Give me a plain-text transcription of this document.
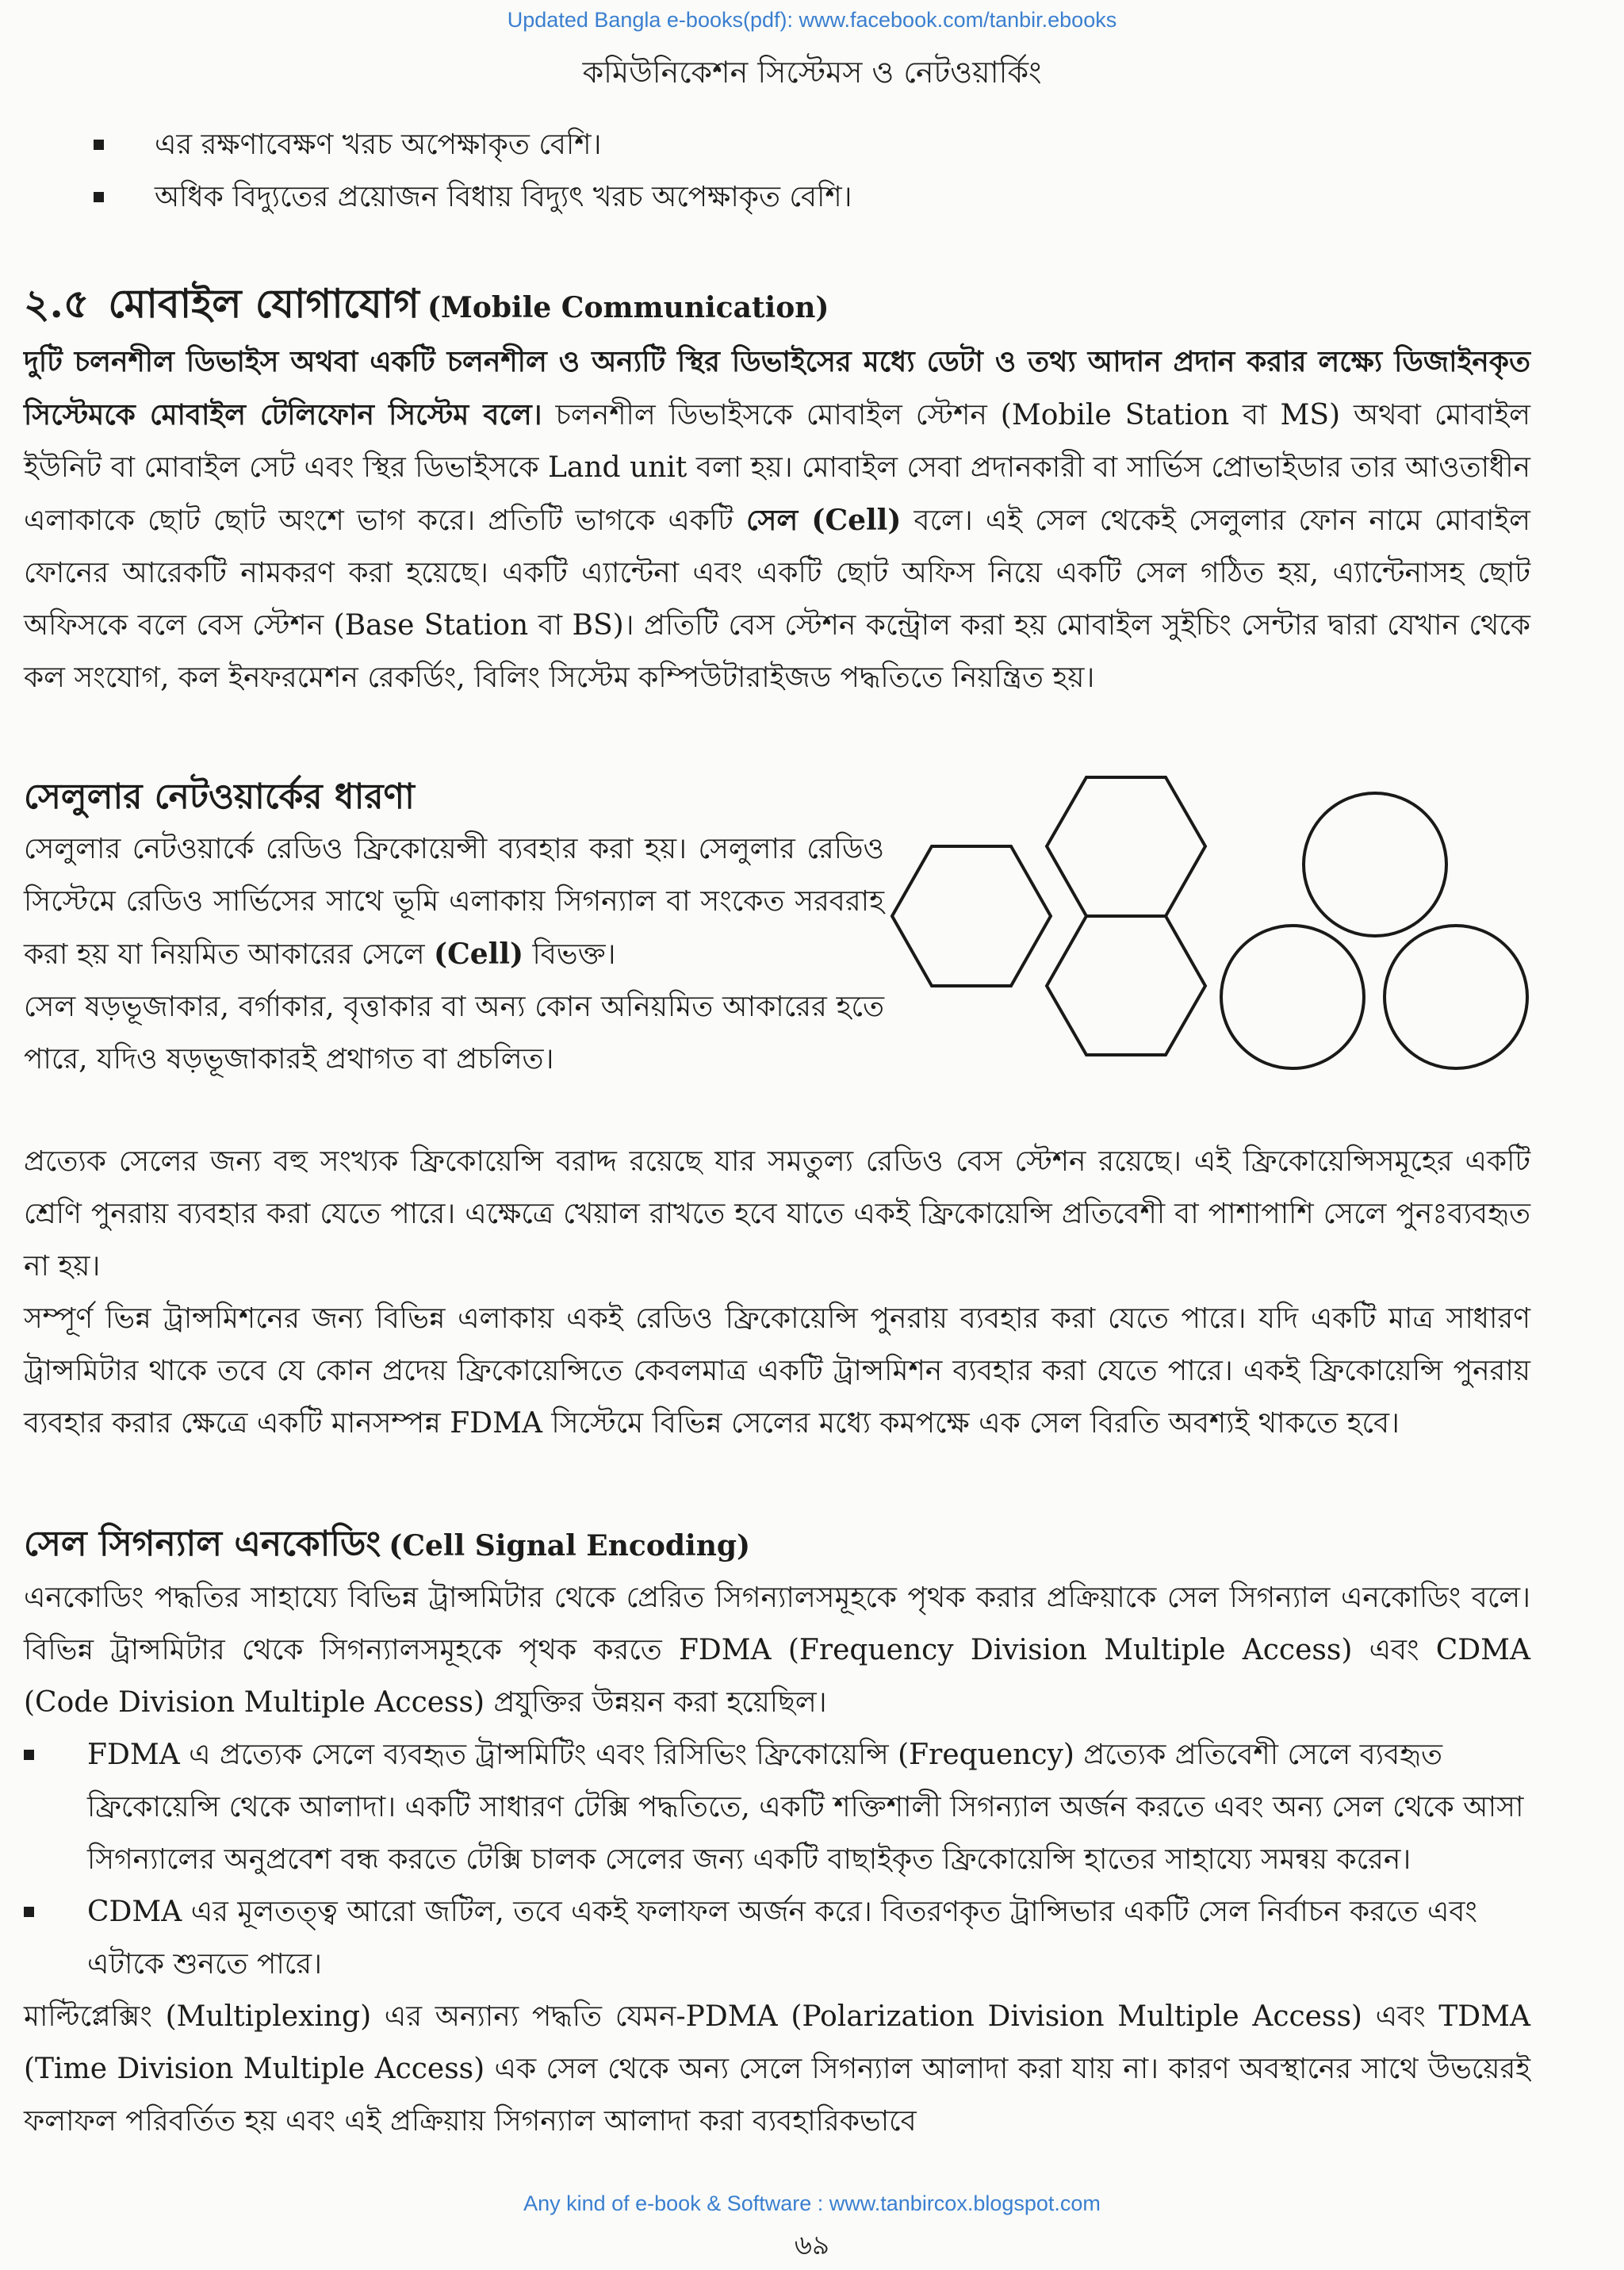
Updated Bangla e-books(pdf): www.facebook.com/tanbir.ebooks
কমিউনিকেশন সিস্টেমস ও নেটওয়ার্কিং
এর রক্ষণাবেক্ষণ খরচ অপেক্ষাকৃত বেশি।
অধিক বিদ্যুতের প্রয়োজন বিধায় বিদ্যুৎ খরচ অপেক্ষাকৃত বেশি।
২.৫ মোবাইল যোগাযোগ (Mobile Communication)

দুটি চলনশীল ডিভাইস অথবা একটি চলনশীল ও অন্যটি স্থির ডিভাইসের মধ্যে ডেটা ও তথ্য আদান প্রদান করার লক্ষ্যে ডিজাইনকৃত সিস্টেমকে মোবাইল টেলিফোন সিস্টেম বলে। চলনশীল ডিভাইসকে মোবাইল স্টেশন (Mobile Station বা MS) অথবা মোবাইল ইউনিট বা মোবাইল সেট এবং স্থির ডিভাইসকে Land unit বলা হয়। মোবাইল সেবা প্রদানকারী বা সার্ভিস প্রোভাইডার তার আওতাধীন এলাকাকে ছোট ছোট অংশে ভাগ করে। প্রতিটি ভাগকে একটি সেল (Cell) বলে। এই সেল থেকেই সেলুলার ফোন নামে মোবাইল ফোনের আরেকটি নামকরণ করা হয়েছে। একটি এ্যান্টেনা এবং একটি ছোট অফিস নিয়ে একটি সেল গঠিত হয়, এ্যান্টেনাসহ ছোট অফিসকে বলে বেস স্টেশন (Base Station বা BS)। প্রতিটি বেস স্টেশন কন্ট্রোল করা হয় মোবাইল সুইচিং সেন্টার দ্বারা যেখান থেকে কল সংযোগ, কল ইনফরমেশন রেকর্ডিং, বিলিং সিস্টেম কম্পিউটারাইজড পদ্ধতিতে নিয়ন্ত্রিত হয়।

সেলুলার নেটওয়ার্কের ধারণা

সেলুলার নেটওয়ার্কে রেডিও ফ্রিকোয়েন্সী ব্যবহার করা হয়। সেলুলার রেডিও সিস্টেমে রেডিও সার্ভিসের সাথে ভূমি এলাকায় সিগন্যাল বা সংকেত সরবরাহ করা হয় যা নিয়মিত আকারের সেলে (Cell) বিভক্ত।

সেল ষড়ভূজাকার, বর্গাকার, বৃত্তাকার বা অন্য কোন অনিয়মিত আকারের হতে পারে, যদিও ষড়ভূজাকারই প্রথাগত বা প্রচলিত।

প্রত্যেক সেলের জন্য বহু সংখ্যক ফ্রিকোয়েন্সি বরাদ্দ রয়েছে যার সমতুল্য রেডিও বেস স্টেশন রয়েছে। এই ফ্রিকোয়েন্সিসমূহের একটি শ্রেণি পুনরায় ব্যবহার করা যেতে পারে। এক্ষেত্রে খেয়াল রাখতে হবে যাতে একই ফ্রিকোয়েন্সি প্রতিবেশী বা পাশাপাশি সেলে পুনঃব্যবহৃত না হয়।

সম্পূর্ণ ভিন্ন ট্রান্সমিশনের জন্য বিভিন্ন এলাকায় একই রেডিও ফ্রিকোয়েন্সি পুনরায় ব্যবহার করা যেতে পারে। যদি একটি মাত্র সাধারণ ট্রান্সমিটার থাকে তবে যে কোন প্রদেয় ফ্রিকোয়েন্সিতে কেবলমাত্র একটি ট্রান্সমিশন ব্যবহার করা যেতে পারে। একই ফ্রিকোয়েন্সি পুনরায় ব্যবহার করার ক্ষেত্রে একটি মানসম্পন্ন FDMA সিস্টেমে বিভিন্ন সেলের মধ্যে কমপক্ষে এক সেল বিরতি অবশ্যই থাকতে হবে।

সেল সিগন্যাল এনকোডিং (Cell Signal Encoding)

এনকোডিং পদ্ধতির সাহায্যে বিভিন্ন ট্রান্সমিটার থেকে প্রেরিত সিগন্যালসমূহকে পৃথক করার প্রক্রিয়াকে সেল সিগন্যাল এনকোডিং বলে। বিভিন্ন ট্রান্সমিটার থেকে সিগন্যালসমূহকে পৃথক করতে FDMA (Frequency Division Multiple Access) এবং CDMA (Code Division Multiple Access) প্রযুক্তির উন্নয়ন করা হয়েছিল।

FDMA এ প্রত্যেক সেলে ব্যবহৃত ট্রান্সমিটিং এবং রিসিভিং ফ্রিকোয়েন্সি (Frequency) প্রত্যেক প্রতিবেশী সেলে ব্যবহৃত ফ্রিকোয়েন্সি থেকে আলাদা। একটি সাধারণ টেক্সি পদ্ধতিতে, একটি শক্তিশালী সিগন্যাল অর্জন করতে এবং অন্য সেল থেকে আসা সিগন্যালের অনুপ্রবেশ বন্ধ করতে টেক্সি চালক সেলের জন্য একটি বাছাইকৃত ফ্রিকোয়েন্সি হাতের সাহায্যে সমন্বয় করেন।
CDMA এর মূলতত্ত্ব আরো জটিল, তবে একই ফলাফল অর্জন করে। বিতরণকৃত ট্রান্সিভার একটি সেল নির্বাচন করতে এবং এটাকে শুনতে পারে।

মাল্টিপ্লেক্সিং (Multiplexing) এর অন্যান্য পদ্ধতি যেমন-PDMA (Polarization Division Multiple Access) এবং TDMA (Time Division Multiple Access) এক সেল থেকে অন্য সেলে সিগন্যাল আলাদা করা যায় না। কারণ অবস্থানের সাথে উভয়েরই ফলাফল পরিবর্তিত হয় এবং এই প্রক্রিয়ায় সিগন্যাল আলাদা করা ব্যবহারিকভাবে

Any kind of e-book & Software : www.tanbircox.blogspot.com
৬৯
